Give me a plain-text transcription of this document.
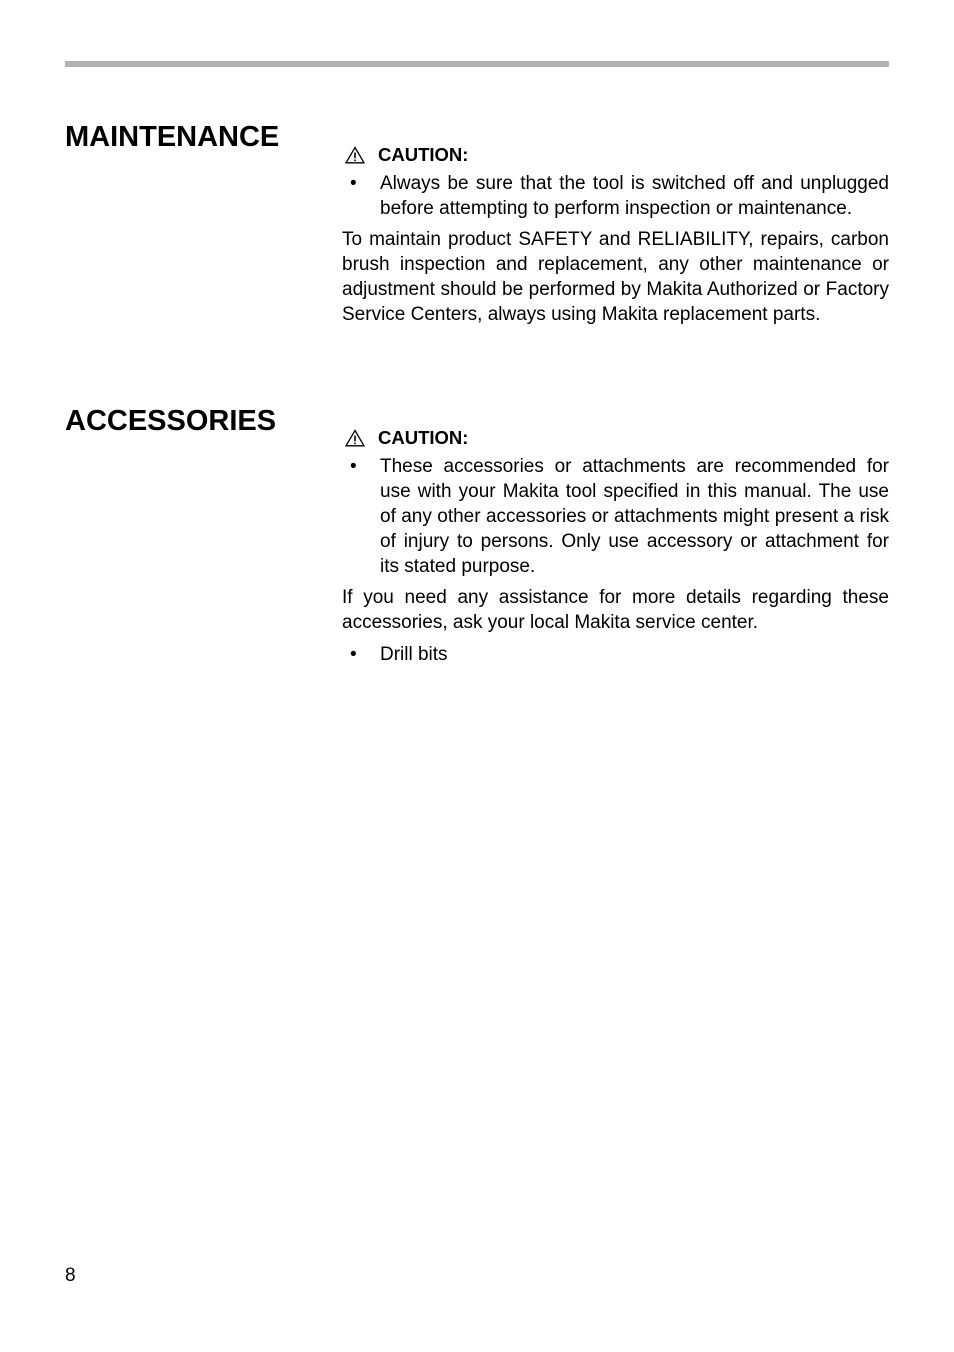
MAINTENANCE
CAUTION:
•	Always be sure that the tool is switched off and unplugged before attempting to perform inspection or maintenance.
To maintain product SAFETY and RELIABILITY, repairs, carbon brush inspection and replacement, any other maintenance or adjustment should be performed by Makita Authorized or Factory Service Centers, always using Makita replacement parts.
ACCESSORIES
CAUTION:
•	These accessories or attachments are recommended for use with your Makita tool specified in this manual. The use of any other accessories or attachments might present a risk of injury to persons. Only use accessory or attachment for its stated purpose.
If you need any assistance for more details regarding these accessories, ask your local Makita service center.
•	Drill bits
8
